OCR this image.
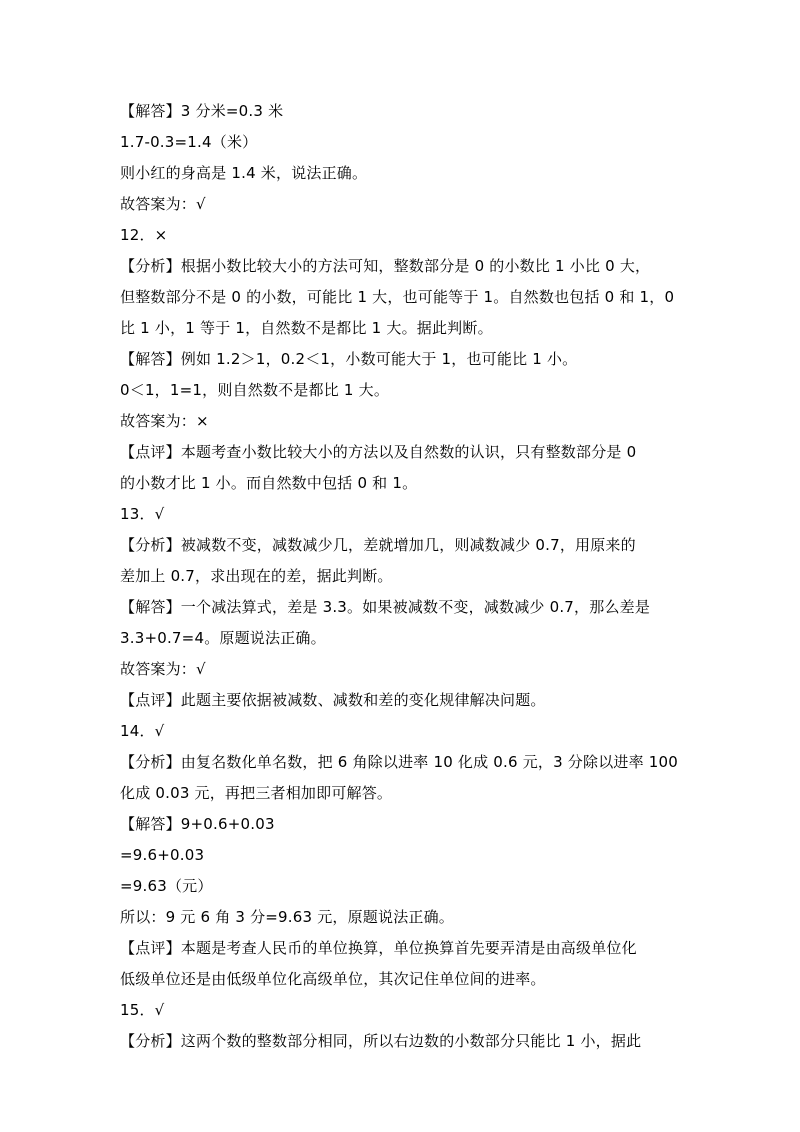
【解答】3 分米=0.3 米
1.7-0.3=1.4（米）
则小红的身高是 1.4 米，说法正确。
故答案为：√
12．×
【分析】根据小数比较大小的方法可知，整数部分是 0 的小数比 1 小比 0 大，
但整数部分不是 0 的小数，可能比 1 大，也可能等于 1。自然数也包括 0 和 1，0
比 1 小，1 等于 1，自然数不是都比 1 大。据此判断。
【解答】例如 1.2＞1，0.2＜1，小数可能大于 1，也可能比 1 小。
0＜1，1=1，则自然数不是都比 1 大。
故答案为：×
【点评】本题考查小数比较大小的方法以及自然数的认识，只有整数部分是 0
的小数才比 1 小。而自然数中包括 0 和 1。
13．√
【分析】被减数不变，减数减少几，差就增加几，则减数减少 0.7，用原来的
差加上 0.7，求出现在的差，据此判断。
【解答】一个减法算式，差是 3.3。如果被减数不变，减数减少 0.7，那么差是
3.3+0.7=4。原题说法正确。
故答案为：√
【点评】此题主要依据被减数、减数和差的变化规律解决问题。
14．√
【分析】由复名数化单名数，把 6 角除以进率 10 化成 0.6 元，3 分除以进率 100
化成 0.03 元，再把三者相加即可解答。
【解答】9+0.6+0.03
=9.6+0.03
=9.63（元）
所以：9 元 6 角 3 分=9.63 元，原题说法正确。
【点评】本题是考查人民币的单位换算，单位换算首先要弄清是由高级单位化
低级单位还是由低级单位化高级单位，其次记住单位间的进率。
15．√
【分析】这两个数的整数部分相同，所以右边数的小数部分只能比 1 小，据此
